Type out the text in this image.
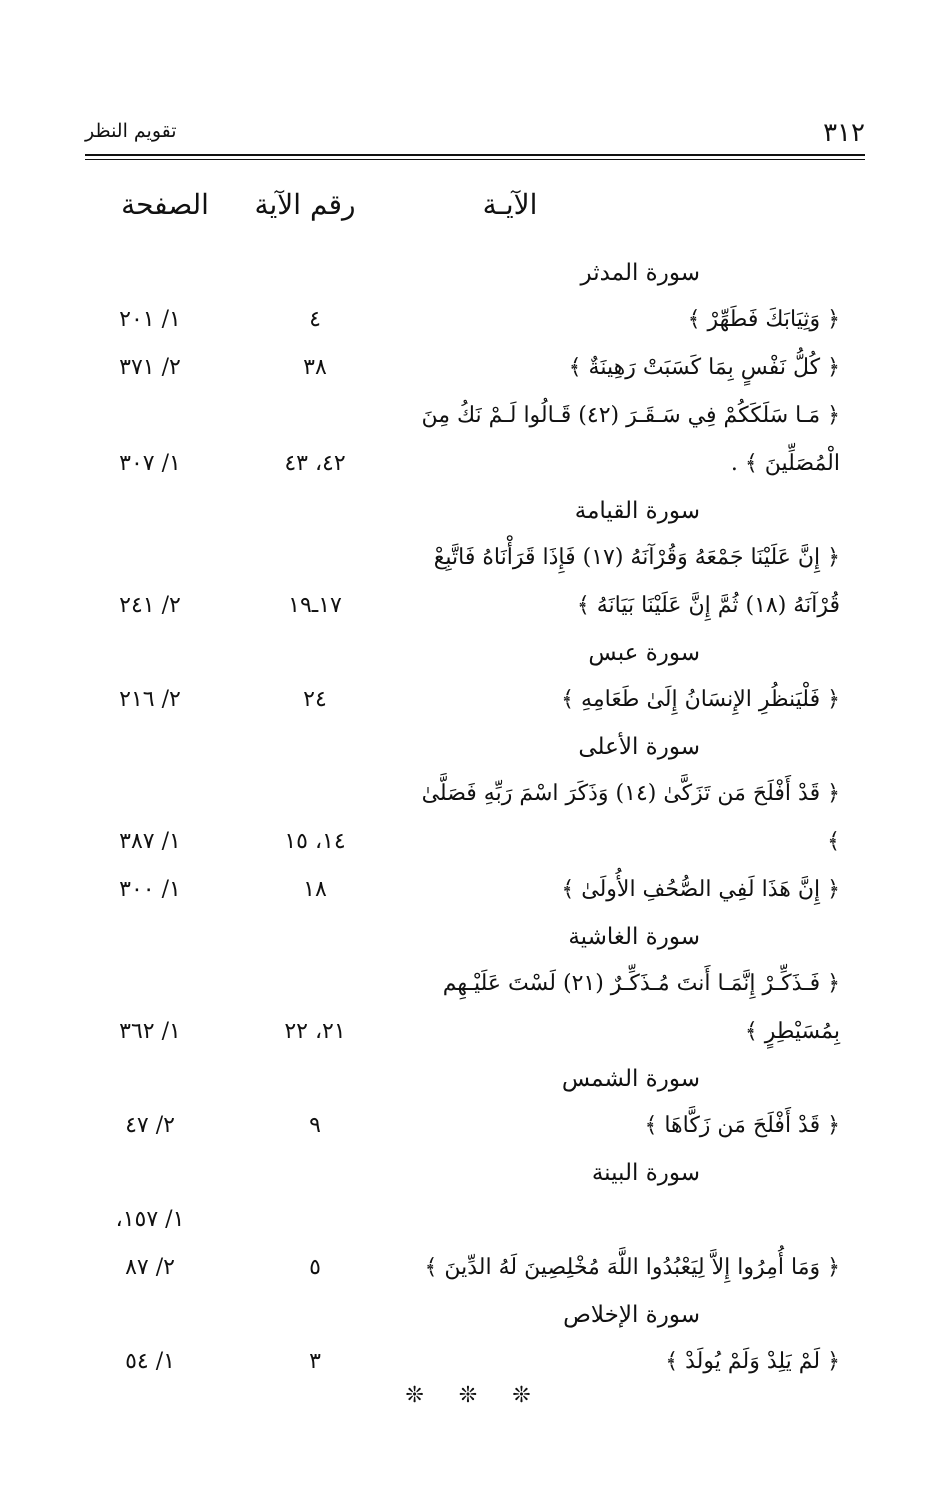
٣١٢
تقويم النظر
الآيـة
رقم الآية
الصفحة
سورة المدثر
﴿ وَثِيَابَكَ فَطَهِّرْ ﴾
٤
١/ ٢٠١
﴿ كُلُّ نَفْسٍ بِمَا كَسَبَتْ رَهِينَةٌ ﴾
٣٨
٢/ ٣٧١
﴿ مَـا سَلَكَكُمْ فِي سَـقَـرَ (٤٢) قَـالُوا لَـمْ نَكُ مِنَ الْمُصَلِّينَ ﴾ .
٤٢، ٤٣
١/ ٣٠٧
سورة القيامة
﴿ إِنَّ عَلَيْنَا جَمْعَهُ وَقُرْآنَهُ (١٧) فَإِذَا قَرَأْنَاهُ فَاتَّبِعْ قُرْآنَهُ (١٨) ثُمَّ إِنَّ عَلَيْنَا بَيَانَهُ ﴾
١٧ـ١٩
٢/ ٢٤١
سورة عبس
﴿ فَلْيَنظُرِ الإِنسَانُ إِلَىٰ طَعَامِهِ ﴾
٢٤
٢/ ٢١٦
سورة الأعلى
﴿ قَدْ أَفْلَحَ مَن تَزَكَّىٰ (١٤) وَذَكَرَ اسْمَ رَبِّهِ فَصَلَّىٰ ﴾
١٤، ١٥
١/ ٣٨٧
﴿ إِنَّ هَذَا لَفِي الصُّحُفِ الأُولَىٰ ﴾
١٨
١/ ٣٠٠
سورة الغاشية
﴿ فَـذَكِّـرْ إِنَّمَـا أَنتَ مُـذَكِّـرٌ (٢١) لَسْتَ عَلَيْـهِم بِمُسَيْطِرٍ ﴾
٢١، ٢٢
١/ ٣٦٢
سورة الشمس
﴿ قَدْ أَفْلَحَ مَن زَكَّاهَا ﴾
٩
٢/ ٤٧
سورة البينة
﴿ وَمَا أُمِرُوا إِلاَّ لِيَعْبُدُوا اللَّهَ مُخْلِصِينَ لَهُ الدِّينَ ﴾
٥
١/ ١٥٧،
٢/ ٨٧
سورة الإخلاص
﴿ لَمْ يَلِدْ وَلَمْ يُولَدْ ﴾
٣
١/ ٥٤
❊ ❊ ❊
